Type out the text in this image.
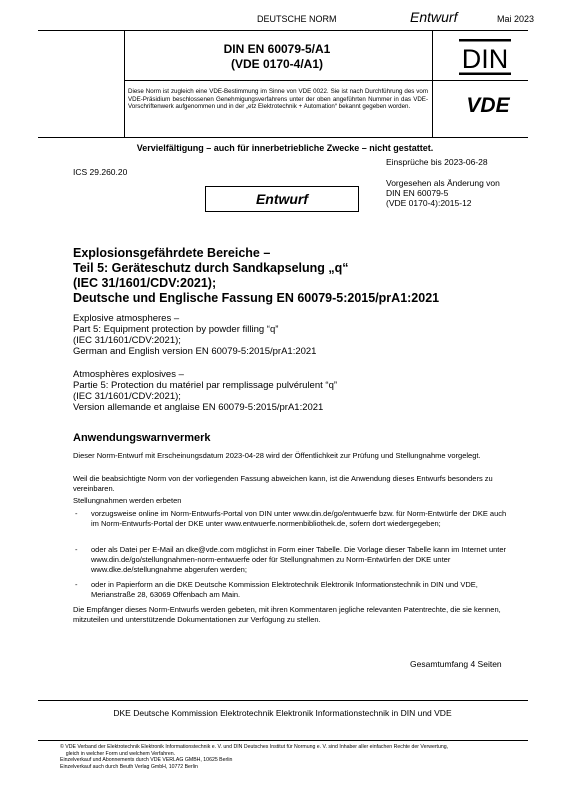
DEUTSCHE NORM	Entwurf	Mai 2023
DIN EN 60079-5/A1
(VDE 0170-4/A1)	DIN
Diese Norm ist zugleich eine VDE-Bestimmung im Sinne von VDE 0022. Sie ist nach Durchführung des vom VDE-Präsidium beschlossenen Genehmigungsverfahrens unter der oben angeführten Nummer in das VDE-Vorschriftenwerk aufgenommen und in der „etz Elektrotechnik + Automation“ bekannt gegeben worden.	VDE
Vervielfältigung – auch für innerbetriebliche Zwecke – nicht gestattet.
Einsprüche bis 2023-06-28
ICS 29.260.20
Vorgesehen als Änderung von
DIN EN 60079-5
(VDE 0170-4):2015-12
Entwurf
Explosionsgefährdete Bereiche –
Teil 5: Geräteschutz durch Sandkapselung „q“
(IEC 31/1601/CDV:2021);
Deutsche und Englische Fassung EN 60079-5:2015/prA1:2021
Explosive atmospheres –
Part 5: Equipment protection by powder filling “q”
(IEC 31/1601/CDV:2021);
German and English version EN 60079-5:2015/prA1:2021
Atmosphères explosives –
Partie 5: Protection du matériel par remplissage pulvérulent “q”
(IEC 31/1601/CDV:2021);
Version allemande et anglaise EN 60079-5:2015/prA1:2021
Anwendungswarnvermerk
Dieser Norm-Entwurf mit Erscheinungsdatum 2023-04-28 wird der Öffentlichkeit zur Prüfung und Stellungnahme vorgelegt.
Weil die beabsichtigte Norm von der vorliegenden Fassung abweichen kann, ist die Anwendung dieses Entwurfs besonders zu vereinbaren.
Stellungnahmen werden erbeten
- vorzugsweise online im Norm-Entwurfs-Portal von DIN unter www.din.de/go/entwuerfe bzw. für Norm-Entwürfe der DKE auch im Norm-Entwurfs-Portal der DKE unter www.entwuerfe.normenbibliothek.de, sofern dort wiedergegeben;
- oder als Datei per E-Mail an dke@vde.com möglichst in Form einer Tabelle. Die Vorlage dieser Tabelle kann im Internet unter www.din.de/go/stellungnahmen-norm-entwuerfe oder für Stellungnahmen zu Norm-Entwürfen der DKE unter www.dke.de/stellungnahme abgerufen werden;
- oder in Papierform an die DKE Deutsche Kommission Elektrotechnik Elektronik Informationstechnik in DIN und VDE, Merianstraße 28, 63069 Offenbach am Main.
Die Empfänger dieses Norm-Entwurfs werden gebeten, mit ihren Kommentaren jegliche relevanten Patentrechte, die sie kennen, mitzuteilen und unterstützende Dokumentationen zur Verfügung zu stellen.
Gesamtumfang 4 Seiten
DKE Deutsche Kommission Elektrotechnik Elektronik Informationstechnik in DIN und VDE
© VDE Verband der Elektrotechnik Elektronik Informationstechnik e. V. und DIN Deutsches Institut für Normung e. V. sind Inhaber aller einfachen Rechte der Verwertung,
gleich in welcher Form und welchem Verfahren.
Einzelverkauf und Abonnements durch VDE VERLAG GMBH, 10625 Berlin
Einzelverkauf auch durch Beuth Verlag GmbH, 10772 Berlin
